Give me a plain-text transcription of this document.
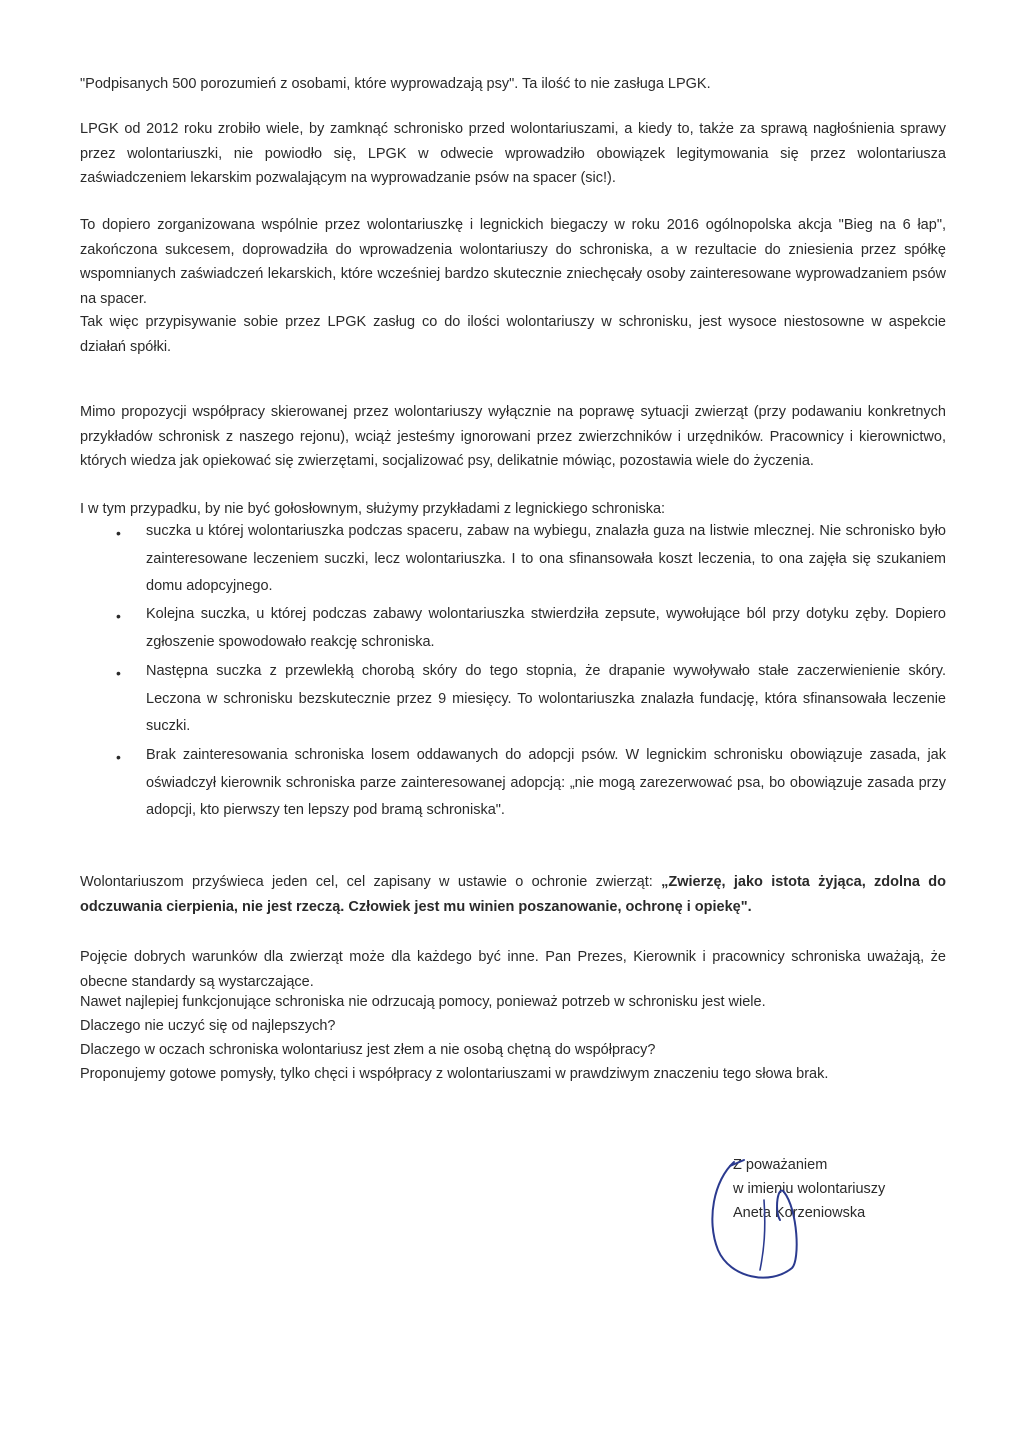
"Podpisanych 500 porozumień z osobami, które wyprowadzają psy". Ta ilość to nie zasługa LPGK.

LPGK od 2012 roku zrobiło wiele, by zamknąć schronisko przed wolontariuszami, a kiedy to, także za sprawą nagłośnienia sprawy przez wolontariuszki, nie powiodło się, LPGK w odwecie wprowadziło obowiązek legitymowania się przez wolontariusza zaświadczeniem lekarskim pozwalającym na wyprowadzanie psów na spacer (sic!).

To dopiero zorganizowana wspólnie przez wolontariuszkę i legnickich biegaczy w roku 2016 ogólnopolska akcja "Bieg na 6 łap", zakończona sukcesem, doprowadziła do wprowadzenia wolontariuszy do schroniska, a w rezultacie do zniesienia przez spółkę wspomnianych zaświadczeń lekarskich, które wcześniej bardzo skutecznie zniechęcały osoby zainteresowane wyprowadzaniem psów na spacer.

Tak więc przypisywanie sobie przez LPGK zasług co do ilości wolontariuszy w schronisku, jest wysoce niestosowne w aspekcie działań spółki.

Mimo propozycji współpracy skierowanej przez wolontariuszy wyłącznie na poprawę sytuacji zwierząt (przy podawaniu konkretnych przykładów schronisk z naszego rejonu), wciąż jesteśmy ignorowani przez zwierzchników i urzędników. Pracownicy i kierownictwo, których wiedza jak opiekować się zwierzętami, socjalizować psy, delikatnie mówiąc, pozostawia wiele do życzenia.

I w tym przypadku, by nie być gołosłownym, służymy przykładami z legnickiego schroniska:

• suczka u której wolontariuszka podczas spaceru, zabaw na wybiegu, znalazła guza na listwie mlecznej. Nie schronisko było zainteresowane leczeniem suczki, lecz wolontariuszka. I to ona sfinansowała koszt leczenia, to ona zajęła się szukaniem domu adopcyjnego.

• Kolejna suczka, u której podczas zabawy wolontariuszka stwierdziła zepsute, wywołujące ból przy dotyku zęby. Dopiero zgłoszenie spowodowało reakcję schroniska.

• Następna suczka z przewlekłą chorobą skóry do tego stopnia, że drapanie wywoływało stałe zaczerwienienie skóry. Leczona w schronisku bezskutecznie przez 9 miesięcy. To wolontariuszka znalazła fundację, która sfinansowała leczenie suczki.

• Brak zainteresowania schroniska losem oddawanych do adopcji psów. W legnickim schronisku obowiązuje zasada, jak oświadczył kierownik schroniska parze zainteresowanej adopcją: „nie mogą zarezerwować psa, bo obowiązuje zasada przy adopcji, kto pierwszy ten lepszy pod bramą schroniska".

Wolontariuszom przyświeca jeden cel, cel zapisany w ustawie o ochronie zwierząt: „Zwierzę, jako istota żyjąca, zdolna do odczuwania cierpienia, nie jest rzeczą. Człowiek jest mu winien poszanowanie, ochronę i opiekę".

Pojęcie dobrych warunków dla zwierząt może dla każdego być inne. Pan Prezes, Kierownik i pracownicy schroniska uważają, że obecne standardy są wystarczające.

Nawet najlepiej funkcjonujące schroniska nie odrzucają pomocy, ponieważ potrzeb w schronisku jest wiele.

Dlaczego nie uczyć się od najlepszych?

Dlaczego w oczach schroniska wolontariusz jest złem a nie osobą chętną do współpracy?

Proponujemy gotowe pomysły, tylko chęci i współpracy z wolontariuszami w prawdziwym znaczeniu tego słowa brak.

Z poważaniem
w imieniu wolontariuszy
Aneta Korzeniowska
